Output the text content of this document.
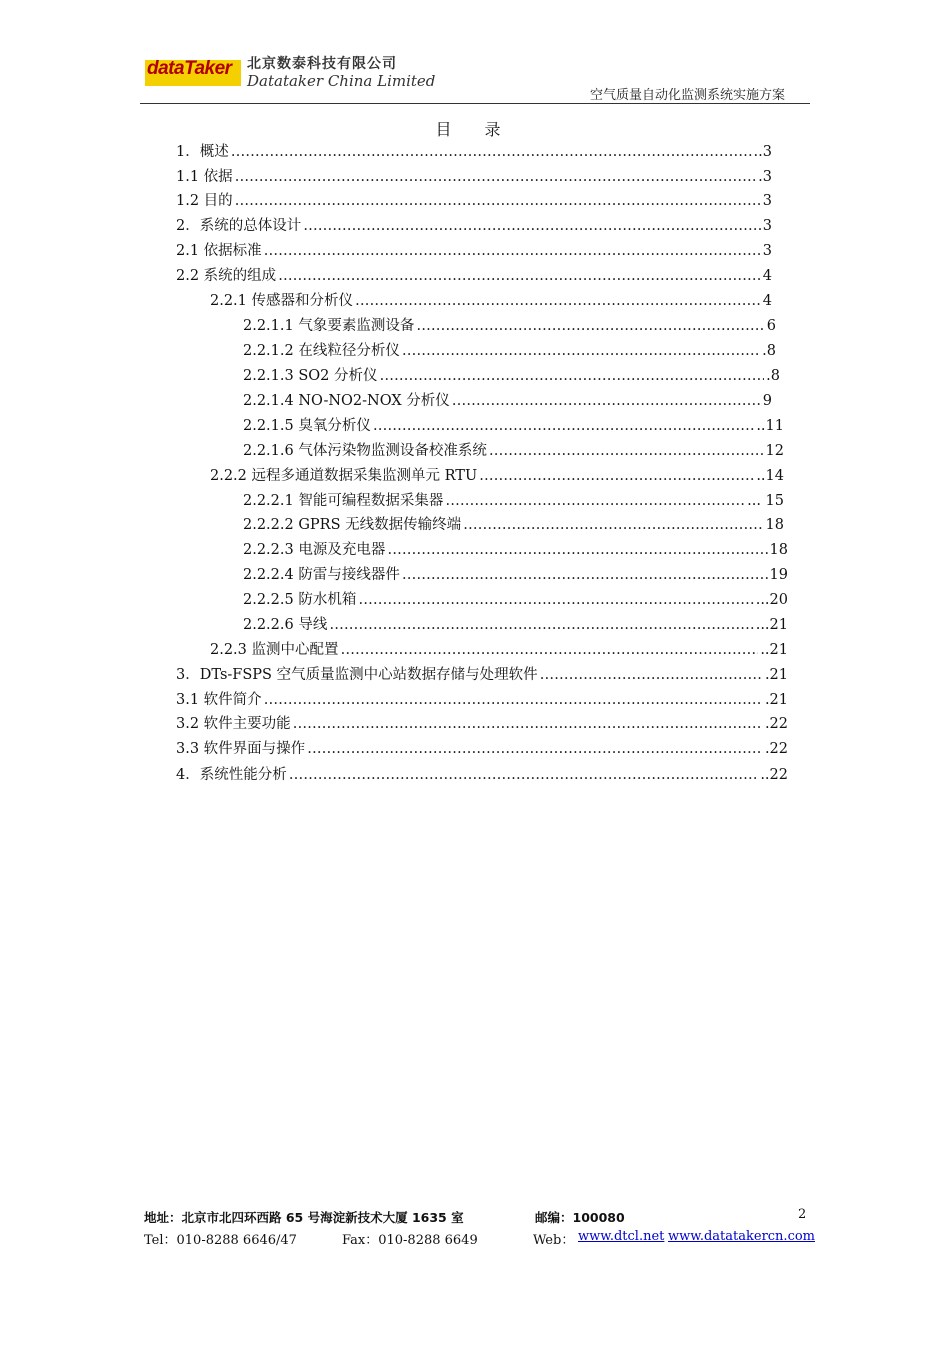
dataTaker 北京数泰科技有限公司
Datataker China Limited
空气质量自动化监测系统实施方案
目 录
1．概述 ……………………………………………………………………………………………………………………………………………………………………	..3
1.1 依据 ……………………………………………………………………………………………………………………………………………………………………	.3
1.2 目的 ……………………………………………………………………………………………………………………………………………………………………	3
2．系统的总体设计 ……………………………………………………………………………………………………………………………………………………………………	3
2.1 依据标准 ……………………………………………………………………………………………………………………………………………………………………	3
2.2 系统的组成 ……………………………………………………………………………………………………………………………………………………………………	4
2.2.1 传感器和分析仪 ……………………………………………………………………………………………………………………………………………………………………	4
2.2.1.1 气象要素监测设备 ……………………………………………………………………………………………………………………………………………………………………	6
2.2.1.2 在线粒径分析仪 ……………………………………………………………………………………………………………………………………………………………………	.8
2.2.1.3 SO2 分析仪 ……………………………………………………………………………………………………………………………………………………………………	.8
2.2.1.4 NO-NO2-NOX 分析仪 ……………………………………………………………………………………………………………………………………………………………………	9
2.2.1.5 臭氧分析仪 ……………………………………………………………………………………………………………………………………………………………………	..11
2.2.1.6 气体污染物监测设备校准系统 ……………………………………………………………………………………………………………………………………………………………………	12
2.2.2 远程多通道数据采集监测单元 RTU ……………………………………………………………………………………………………………………………………………………………………	..14
2.2.2.1 智能可编程数据采集器 ……………………………………………………………………………………………………………………………………………………………………	... 15
2.2.2.2 GPRS 无线数据传输终端 ……………………………………………………………………………………………………………………………………………………………………	18
2.2.2.3 电源及充电器 ……………………………………………………………………………………………………………………………………………………………………	18
2.2.2.4 防雷与接线器件 ……………………………………………………………………………………………………………………………………………………………………	19
2.2.2.5 防水机箱 ……………………………………………………………………………………………………………………………………………………………………	...20
2.2.2.6 导线 ……………………………………………………………………………………………………………………………………………………………………	...21
2.2.3 监测中心配置 ……………………………………………………………………………………………………………………………………………………………………	..21
3．DTs-FSPS 空气质量监测中心站数据存储与处理软件 ……………………………………………………………………………………………………………………………………………………………………	.21
3.1 软件简介 ……………………………………………………………………………………………………………………………………………………………………	.21
3.2 软件主要功能 ……………………………………………………………………………………………………………………………………………………………………	.22
3.3 软件界面与操作 ……………………………………………………………………………………………………………………………………………………………………	.22
4．系统性能分析 ……………………………………………………………………………………………………………………………………………………………………	..22
地址：北京市北四环西路 65 号海淀新技术大厦 1635 室	邮编：100080	2
Tel：010-8288 6646/47	Fax：010-8288 6649	Web： www.dtcl.net www.datatakercn.com
